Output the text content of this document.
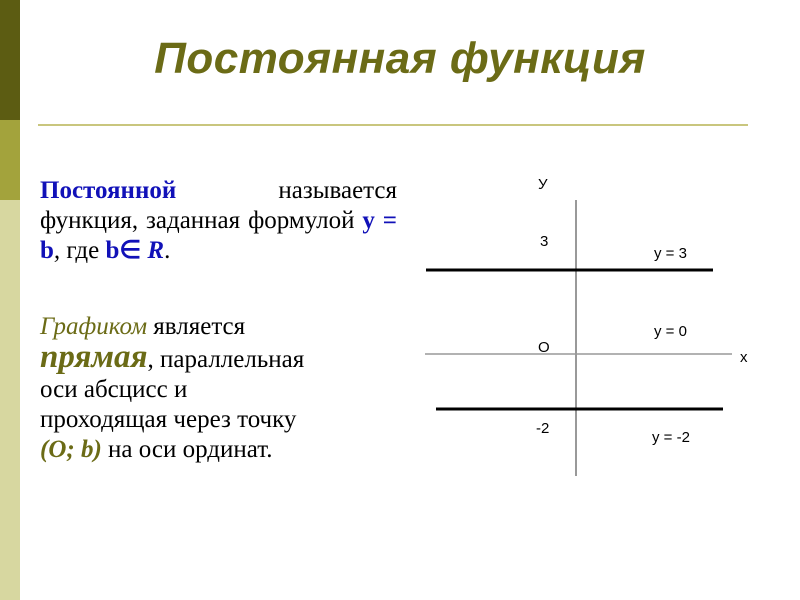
Постоянная функция
Постоянной	называется функция, заданная формулой y = b, где b∈ R.
Графиком является
прямая, параллельная
оси абсцисс и
проходящая через точку
(O; b) на оси ординат.
У
х
О
3
-2
y = 3
y = 0
y = -2
